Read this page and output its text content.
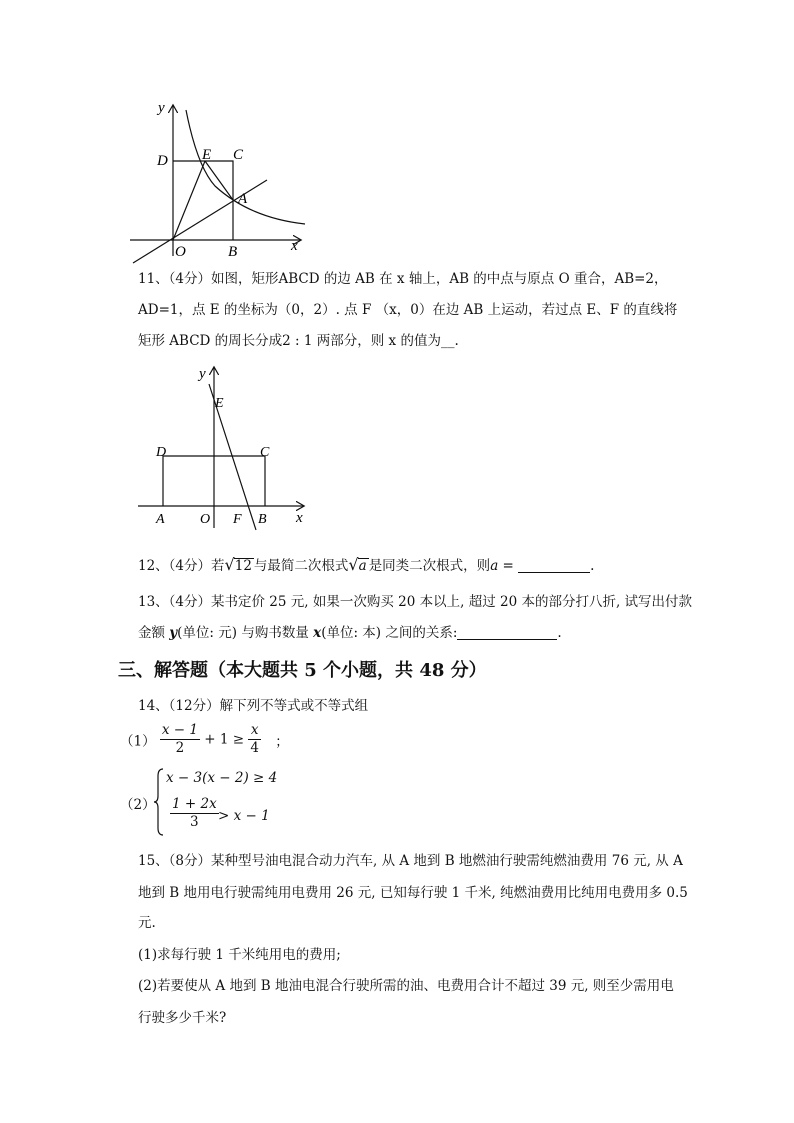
y
x
D E C
A
O	B
11、（4分）如图，矩形ABCD 的边 AB 在 x 轴上，AB 的中点与原点 O 重合，AB=2，
AD=1，点 E 的坐标为（0，2）. 点 F （x，0）在边 AB 上运动，若过点 E、F 的直线将
矩形 ABCD 的周长分成2 : 1 两部分，则 x 的值为__.
y
E
D	C
A	O F B x
12、（4分）若√12 与最简二次根式√a 是同类二次根式，则a =	.
13、（4分）某书定价 25 元, 如果一次购买 20 本以上, 超过 20 本的部分打八折, 试写出付款
金额 y(单位: 元) 与购书数量 x(单位: 本) 之间的关系:	.
三、解答题（本大题共 5 个小题，共 48 分）
14、（12分）解下列不等式或不等式组
$(1) \frac{x - 1}{2} + 1 \ge \frac{x}{4}$ ；
（2）
x − 3(x − 2) ≥ 4
$\frac{1 + 2x}{3} > x - 1$
15、（8分）某种型号油电混合动力汽车, 从 A 地到 B 地燃油行驶需纯燃油费用 76 元, 从 A
地到 B 地用电行驶需纯用电费用 26 元, 已知每行驶 1 千米, 纯燃油费用比纯用电费用多 0.5
元.
(1)求每行驶 1 千米纯用电的费用;
(2)若要使从 A 地到 B 地油电混合行驶所需的油、电费用合计不超过 39 元, 则至少需用电
行驶多少千米?
